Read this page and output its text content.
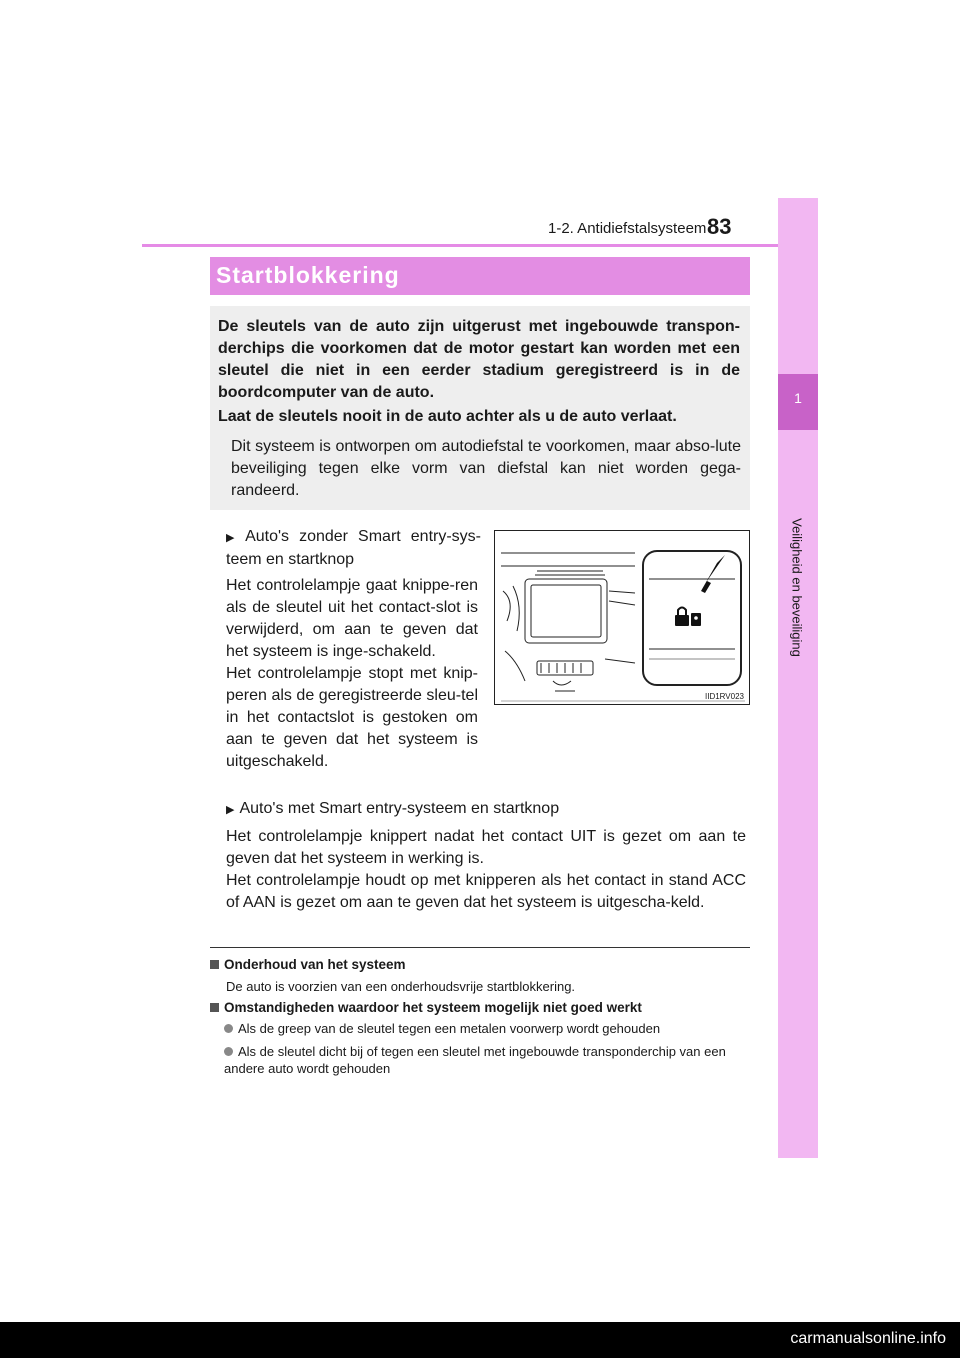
1-2. Antidiefstalsysteem 83
1
Veiligheid en beveiliging
Startblokkering
De sleutels van de auto zijn uitgerust met ingebouwde transpon-derchips die voorkomen dat de motor gestart kan worden met een sleutel die niet in een eerder stadium geregistreerd is in de boordcomputer van de auto.
Laat de sleutels nooit in de auto achter als u de auto verlaat.
Dit systeem is ontworpen om autodiefstal te voorkomen, maar abso-lute beveiliging tegen elke vorm van diefstal kan niet worden gega-randeerd.
▶ Auto's zonder Smart entry-sys-teem en startknop
Het controlelampje gaat knippe-ren als de sleutel uit het contact-slot is verwijderd, om aan te geven dat het systeem is inge-schakeld.
Het controlelampje stopt met knip-peren als de geregistreerde sleu-tel in het contactslot is gestoken om aan te geven dat het systeem is uitgeschakeld.
IID1RV023
▶ Auto's met Smart entry-systeem en startknop
Het controlelampje knippert nadat het contact UIT is gezet om aan te geven dat het systeem in werking is.
Het controlelampje houdt op met knipperen als het contact in stand ACC of AAN is gezet om aan te geven dat het systeem is uitgescha-keld.
Onderhoud van het systeem
De auto is voorzien van een onderhoudsvrije startblokkering.
Omstandigheden waardoor het systeem mogelijk niet goed werkt
Als de greep van de sleutel tegen een metalen voorwerp wordt gehouden
Als de sleutel dicht bij of tegen een sleutel met ingebouwde transponderchip van een andere auto wordt gehouden
carmanualsonline.info
